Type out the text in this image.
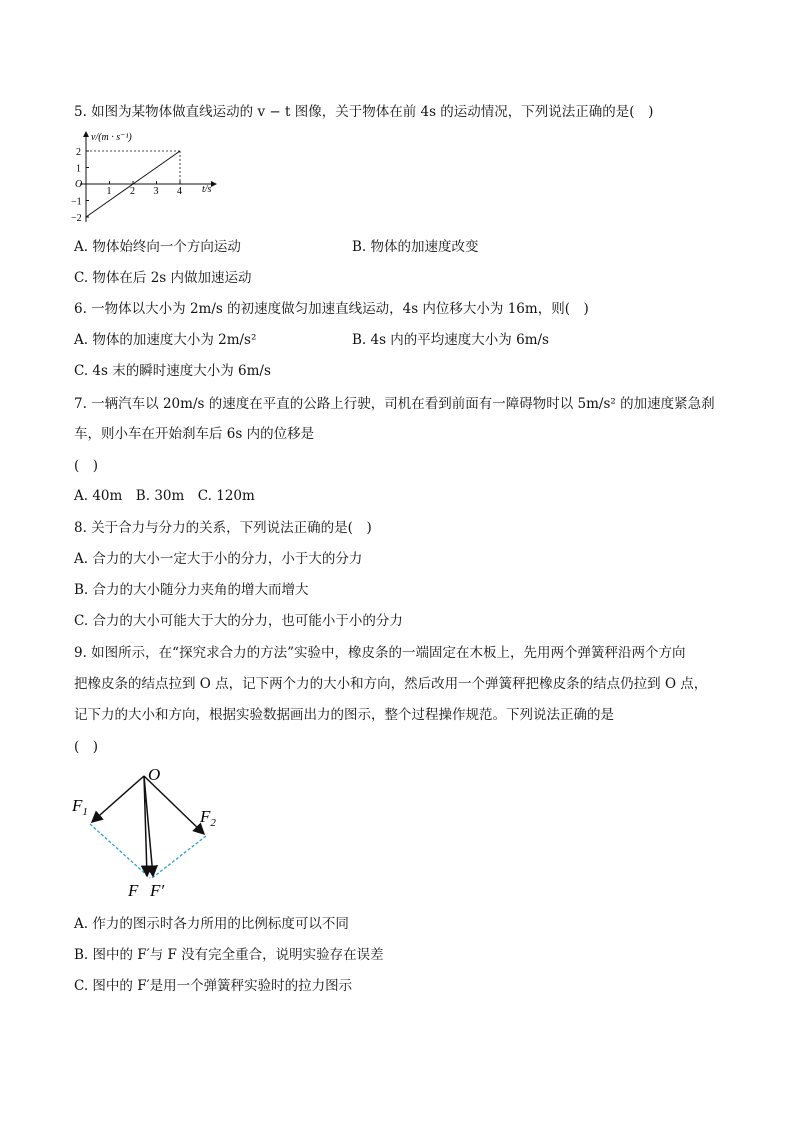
5. 如图为某物体做直线运动的 v − t 图像，关于物体在前 4s 的运动情况，下列说法正确的是(　)
v/(m · s⁻¹)
t/s
O
1 2 3 4
2
1
−1
−2
A. 物体始终向一个方向运动	B. 物体的加速度改变
C. 物体在后 2s 内做加速运动
6. 一物体以大小为 2m/s 的初速度做匀加速直线运动，4s 内位移大小为 16m，则(　)
A. 物体的加速度大小为 2m/s²	B. 4s 内的平均速度大小为 6m/s
C. 4s 末的瞬时速度大小为 6m/s
7. 一辆汽车以 20m/s 的速度在平直的公路上行驶，司机在看到前面有一障碍物时以 5m/s² 的加速度紧急刹
车，则小车在开始刹车后 6s 内的位移是
(　)
A. 40m　B. 30m　C. 120m
8. 关于合力与分力的关系，下列说法正确的是(　)
A. 合力的大小一定大于小的分力，小于大的分力
B. 合力的大小随分力夹角的增大而增大
C. 合力的大小可能大于大的分力，也可能小于小的分力
9. 如图所示，在“探究求合力的方法”实验中，橡皮条的一端固定在木板上，先用两个弹簧秤沿两个方向
把橡皮条的结点拉到 O 点，记下两个力的大小和方向，然后改用一个弹簧秤把橡皮条的结点仍拉到 O 点，
记下力的大小和方向，根据实验数据画出力的图示，整个过程操作规范。下列说法正确的是
(　)
O
$F_1$	$F_2$
F F′
A. 作力的图示时各力所用的比例标度可以不同
B. 图中的 F′与 F 没有完全重合，说明实验存在误差
C. 图中的 F′是用一个弹簧秤实验时的拉力图示
